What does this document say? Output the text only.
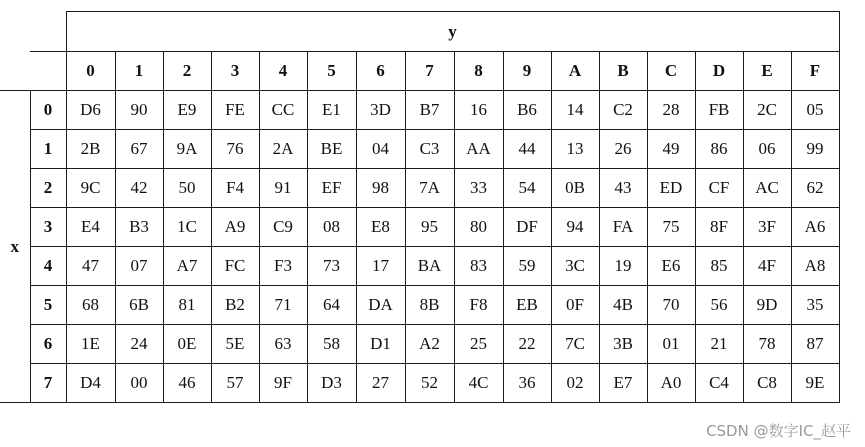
		y															
		0	1	2	3	4	5	6	7	8	9	A	B	C	D	E	F
x	0	D6	90	E9	FE	CC	E1	3D	B7	16	B6	14	C2	28	FB	2C	05
	1	2B	67	9A	76	2A	BE	04	C3	AA	44	13	26	49	86	06	99
	2	9C	42	50	F4	91	EF	98	7A	33	54	0B	43	ED	CF	AC	62
	3	E4	B3	1C	A9	C9	08	E8	95	80	DF	94	FA	75	8F	3F	A6
	4	47	07	A7	FC	F3	73	17	BA	83	59	3C	19	E6	85	4F	A8
	5	68	6B	81	B2	71	64	DA	8B	F8	EB	0F	4B	70	56	9D	35
	6	1E	24	0E	5E	63	58	D1	A2	25	22	7C	3B	01	21	78	87
	7	D4	00	46	57	9F	D3	27	52	4C	36	02	E7	A0	C4	C8	9E
CSDN @数字IC_赵平
